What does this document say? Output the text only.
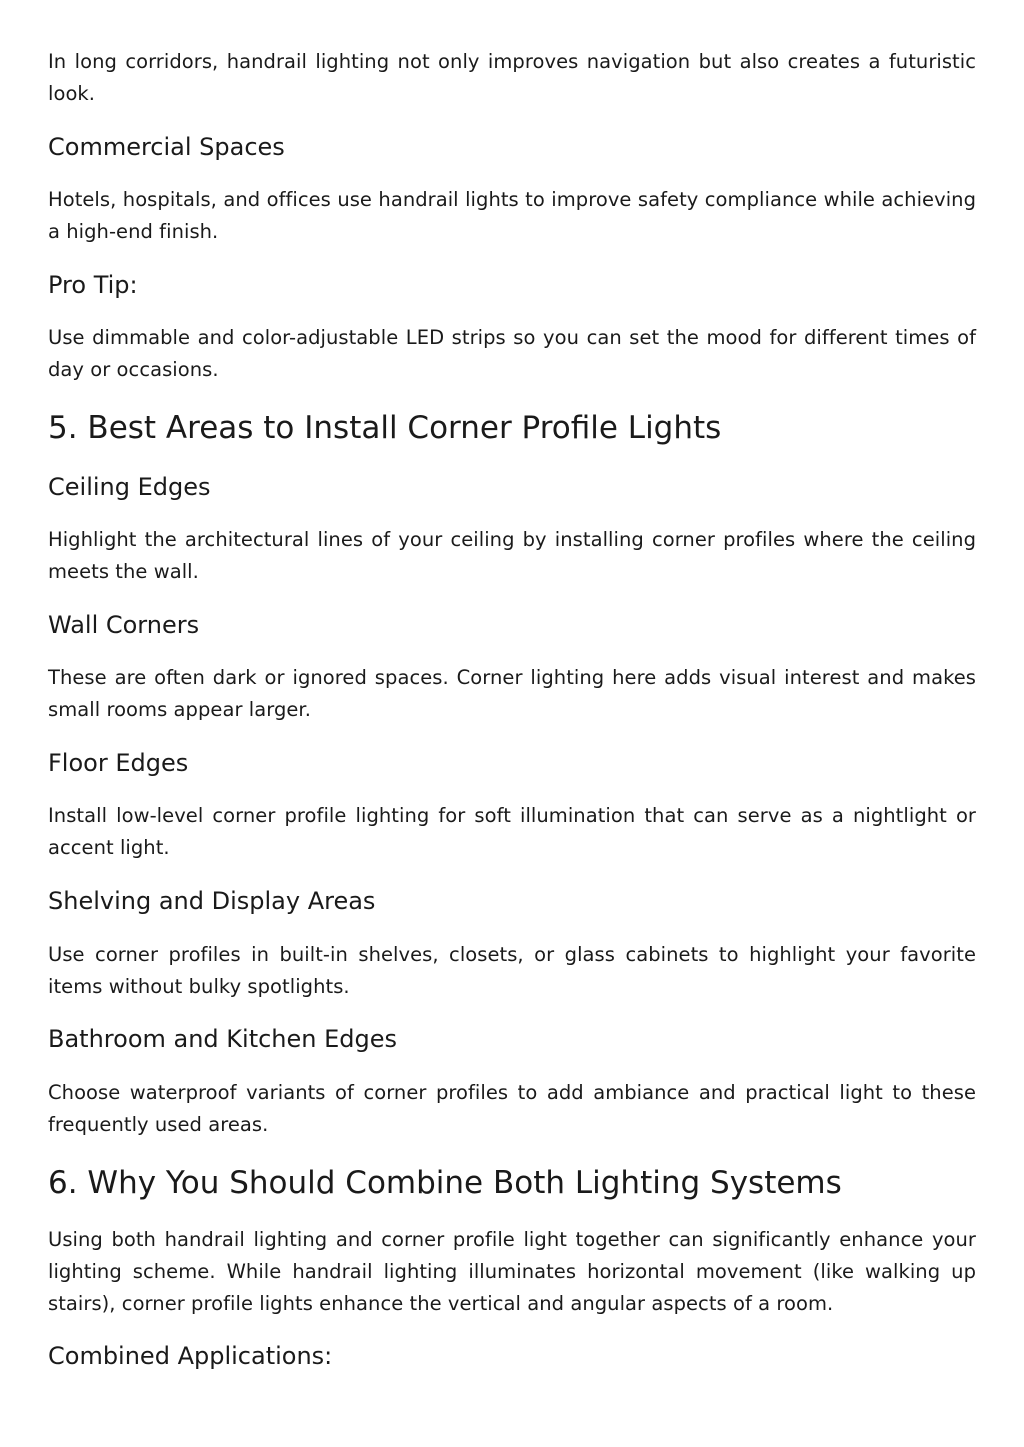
In long corridors, handrail lighting not only improves navigation but also creates a futuristic look.

Commercial Spaces

Hotels, hospitals, and offices use handrail lights to improve safety compliance while achieving a high-end finish.

Pro Tip:

Use dimmable and color-adjustable LED strips so you can set the mood for different times of day or occasions.

5. Best Areas to Install Corner Profile Lights
Ceiling Edges

Highlight the architectural lines of your ceiling by installing corner profiles where the ceiling meets the wall.

Wall Corners

These are often dark or ignored spaces. Corner lighting here adds visual interest and makes small rooms appear larger.

Floor Edges

Install low-level corner profile lighting for soft illumination that can serve as a nightlight or accent light.

Shelving and Display Areas

Use corner profiles in built-in shelves, closets, or glass cabinets to highlight your favorite items without bulky spotlights.

Bathroom and Kitchen Edges

Choose waterproof variants of corner profiles to add ambiance and practical light to these frequently used areas.

6. Why You Should Combine Both Lighting Systems

Using both handrail lighting and corner profile light together can significantly enhance your lighting scheme. While handrail lighting illuminates horizontal movement (like walking up stairs), corner profile lights enhance the vertical and angular aspects of a room.

Combined Applications:
